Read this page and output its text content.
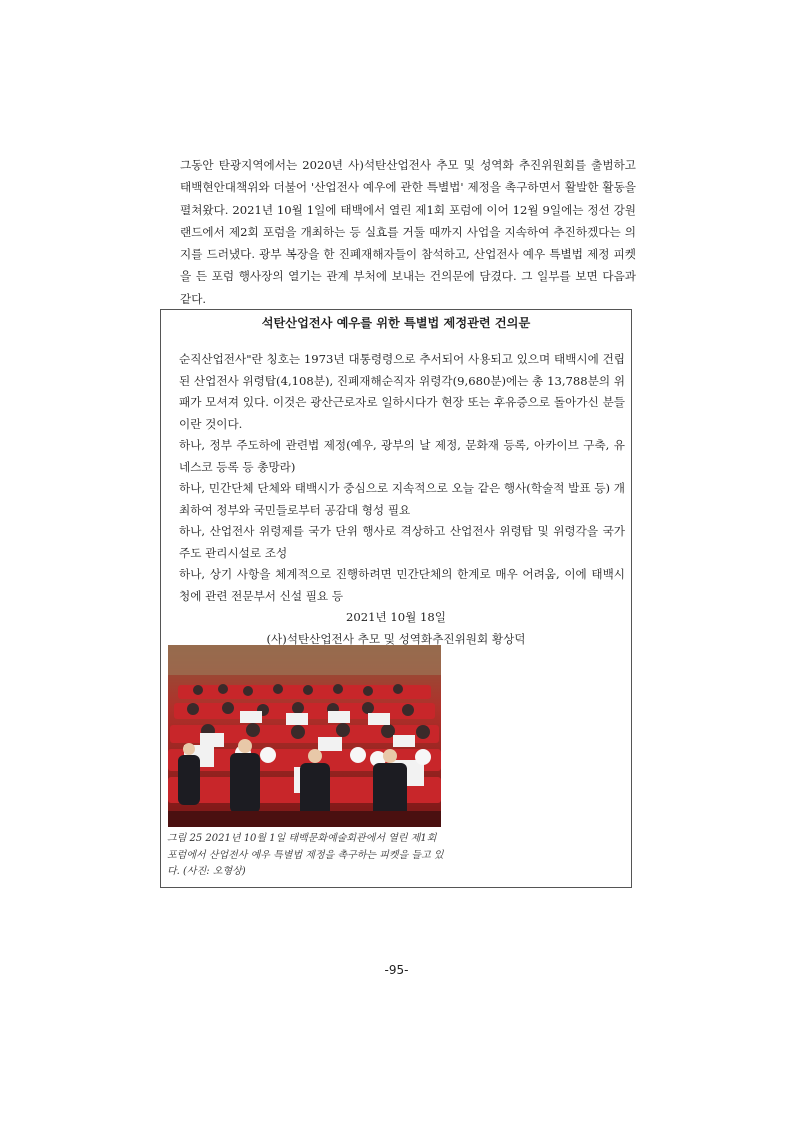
그동안 탄광지역에서는 2020년 사)석탄산업전사 추모 및 성역화 추진위원회를 출범하고 태백현안대책위와 더불어 '산업전사 예우에 관한 특별법' 제정을 촉구하면서 활발한 활동을 펼쳐왔다. 2021년 10월 1일에 태백에서 열린 제1회 포럼에 이어 12월 9일에는 정선 강원랜드에서 제2회 포럼을 개최하는 등 실효를 거둘 때까지 사업을 지속하여 추진하겠다는 의지를 드러냈다. 광부 복장을 한 진폐재해자들이 참석하고, 산업전사 예우 특별법 제정 피켓을 든 포럼 행사장의 열기는 관계 부처에 보내는 건의문에 담겼다. 그 일부를 보면 다음과 같다.
석탄산업전사 예우를 위한 특별법 제정관련 건의문

순직산업전사"란 칭호는 1973년 대통령령으로 추서되어 사용되고 있으며 태백시에 건립된 산업전사 위령탑(4,108분), 진폐재해순직자 위령각(9,680분)에는 총 13,788분의 위패가 모셔져 있다. 이것은 광산근로자로 일하시다가 현장 또는 후유증으로 돌아가신 분들이란 것이다.

하나, 정부 주도하에 관련법 제정(예우, 광부의 날 제정, 문화재 등록, 아카이브 구축, 유네스코 등록 등 총망라)

하나, 민간단체 단체와 태백시가 중심으로 지속적으로 오늘 같은 행사(학술적 발표 등) 개최하여 정부와 국민들로부터 공감대 형성 필요

하나, 산업전사 위령제를 국가 단위 행사로 격상하고 산업전사 위령탑 및 위령각을 국가주도 관리시설로 조성

하나, 상기 사항을 체계적으로 진행하려면 민간단체의 한계로 매우 어려움, 이에 태백시청에 관련 전문부서 신설 필요 등

2021년 10월 18일

(사)석탄산업전사 추모 및 성역화추진위원회 황상덕

그림 25 2021년 10월 1일 태백문화예술회관에서 열린 제1회 포럼에서 산업전사 예우 특별법 제정을 촉구하는 피켓을 들고 있다. (사진: 오형상)
-95-
